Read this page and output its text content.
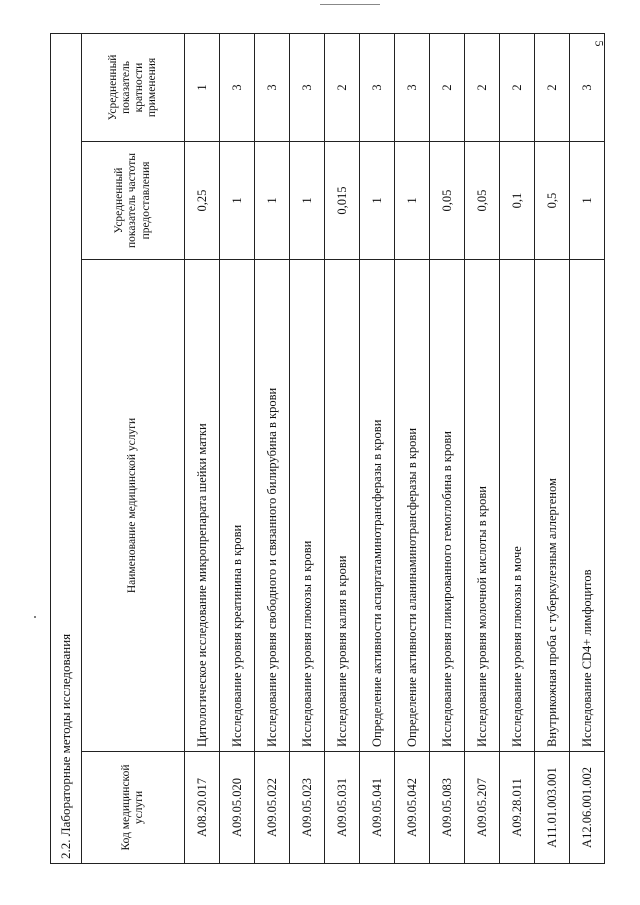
5
2.2. Лабораторные методы исследования			
Код медицинской услуги	Наименование медицинской услуги	Усредненный показатель частоты предоставления	Усредненный показатель кратности применения
A08.20.017	Цитологическое исследование микропрепарата шейки матки	0,25	1
A09.05.020	Исследование уровня креатинина в крови	1	3
A09.05.022	Исследование уровня свободного и связанного билирубина в крови	1	3
A09.05.023	Исследование уровня глюкозы в крови	1	3
A09.05.031	Исследование уровня калия в крови	0,015	2
A09.05.041	Определение активности аспартатаминотрансферазы в крови	1	3
A09.05.042	Определение активности аланинаминотрансферазы в крови	1	3
A09.05.083	Исследование уровня гликированного гемоглобина в крови	0,05	2
A09.05.207	Исследование уровня молочной кислоты в крови	0,05	2
A09.28.011	Исследование уровня глюкозы в моче	0,1	2
A11.01.003.001	Внутрикожная проба с туберкулезным аллергеном	0,5	2
A12.06.001.002	Исследование CD4+ лимфоцитов	1	3
